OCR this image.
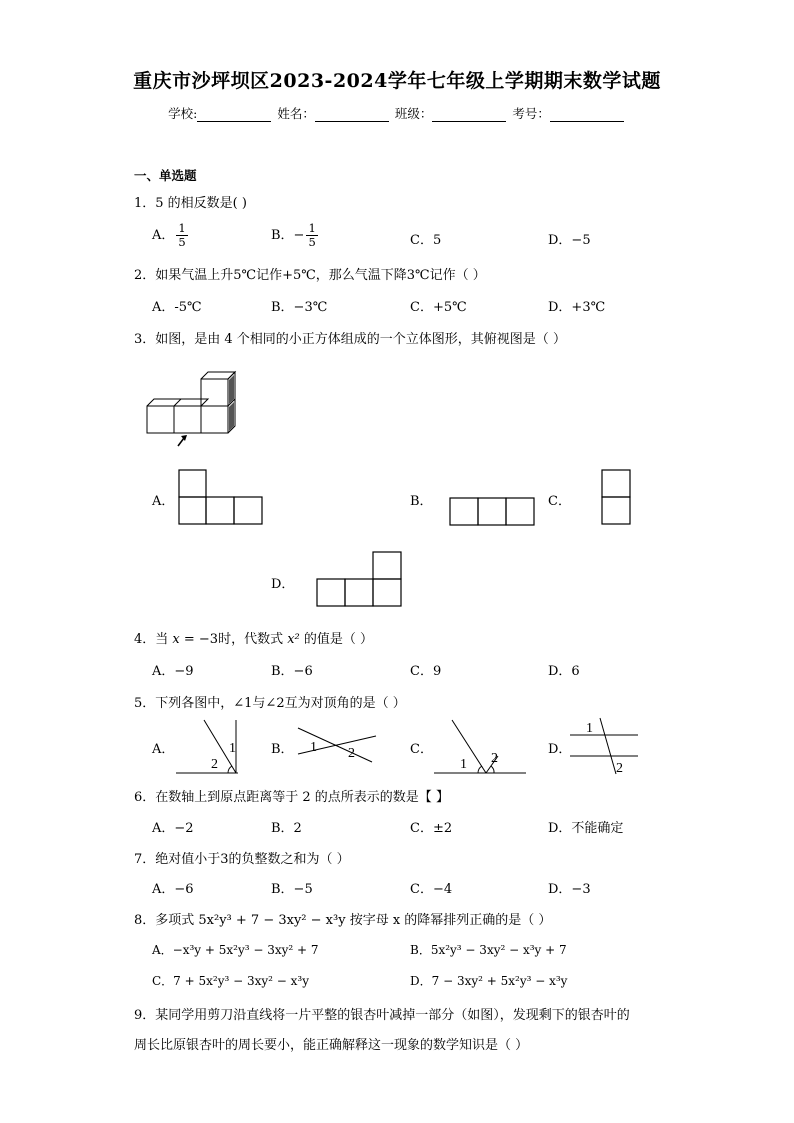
重庆市沙坪坝区2023-2024学年七年级上学期期末数学试题
学校:	姓名：	班级：	考号：
一、单选题
1．5 的相反数是( )
A． $\frac{1}{5}$	B．− $\frac{1}{5}$	C．5	D．−5
2．如果气温上升5℃记作+5℃，那么气温下降3℃记作（ ）
A．-5℃	B．−3℃	C．+5℃	D．+3℃
3．如图，是由 4 个相同的小正方体组成的一个立体图形，其俯视图是（ ）
A．	B．	C．
D．
4．当 x = −3时，代数式 x² 的值是（ ）
A．−9	B．−6	C．9	D．6
5．下列各图中，∠1与∠2互为对顶角的是（ ）
A．	1
2
B． 1 2	C．
1 2
D．
1
2
6．在数轴上到原点距离等于 2 的点所表示的数是【 】
A．−2	B．2	C．±2	D．不能确定
7．绝对值小于3的负整数之和为（ ）
A．−6	B．−5	C．−4	D．−3
8．多项式 5x²y³ + 7 − 3xy² − x³y 按字母 x 的降幂排列正确的是（ ）
A．−x³y + 5x²y³ − 3xy² + 7	B．5x²y³ − 3xy² − x³y + 7
C．7 + 5x²y³ − 3xy² − x³y	D．7 − 3xy² + 5x²y³ − x³y
9．某同学用剪刀沿直线将一片平整的银杏叶减掉一部分（如图），发现剩下的银杏叶的
周长比原银杏叶的周长要小，能正确解释这一现象的数学知识是（ ）
